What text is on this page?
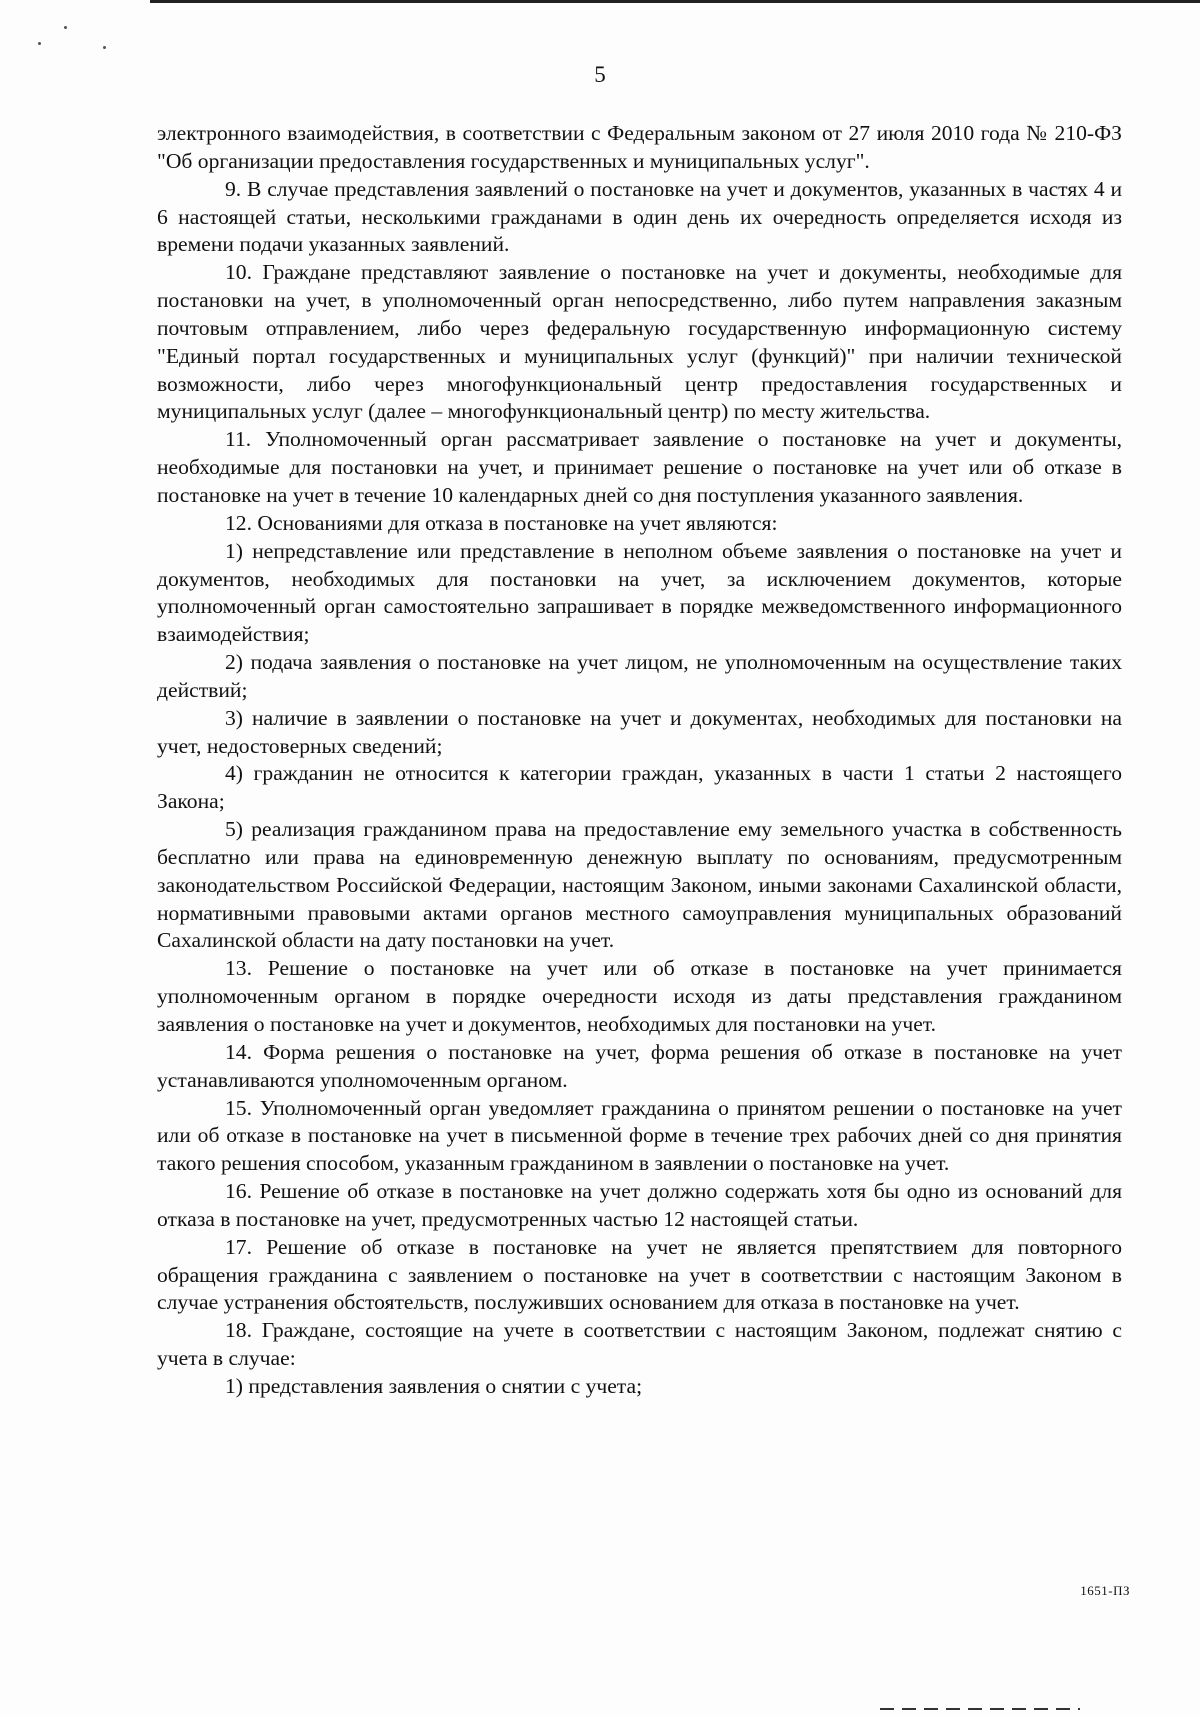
5

электронного взаимодействия, в соответствии с Федеральным законом от 27 июля 2010 года № 210-ФЗ "Об организации предоставления государственных и муниципальных услуг".

9. В случае представления заявлений о постановке на учет и документов, указанных в частях 4 и 6 настоящей статьи, несколькими гражданами в один день их очередность определяется исходя из времени подачи указанных заявлений.

10. Граждане представляют заявление о постановке на учет и документы, необходимые для постановки на учет, в уполномоченный орган непосредственно, либо путем направления заказным почтовым отправлением, либо через федеральную государственную информационную систему "Единый портал государственных и муниципальных услуг (функций)" при наличии технической возможности, либо через многофункциональный центр предоставления государственных и муниципальных услуг (далее – многофункциональный центр) по месту жительства.

11. Уполномоченный орган рассматривает заявление о постановке на учет и документы, необходимые для постановки на учет, и принимает решение о постановке на учет или об отказе в постановке на учет в течение 10 календарных дней со дня поступления указанного заявления.

12. Основаниями для отказа в постановке на учет являются:

1) непредставление или представление в неполном объеме заявления о постановке на учет и документов, необходимых для постановки на учет, за исключением документов, которые уполномоченный орган самостоятельно запрашивает в порядке межведомственного информационного взаимодействия;

2) подача заявления о постановке на учет лицом, не уполномоченным на осуществление таких действий;

3) наличие в заявлении о постановке на учет и документах, необходимых для постановки на учет, недостоверных сведений;

4) гражданин не относится к категории граждан, указанных в части 1 статьи 2 настоящего Закона;

5) реализация гражданином права на предоставление ему земельного участка в собственность бесплатно или права на единовременную денежную выплату по основаниям, предусмотренным законодательством Российской Федерации, настоящим Законом, иными законами Сахалинской области, нормативными правовыми актами органов местного самоуправления муниципальных образований Сахалинской области на дату постановки на учет.

13. Решение о постановке на учет или об отказе в постановке на учет принимается уполномоченным органом в порядке очередности исходя из даты представления гражданином заявления о постановке на учет и документов, необходимых для постановки на учет.

14. Форма решения о постановке на учет, форма решения об отказе в постановке на учет устанавливаются уполномоченным органом.

15. Уполномоченный орган уведомляет гражданина о принятом решении о постановке на учет или об отказе в постановке на учет в письменной форме в течение трех рабочих дней со дня принятия такого решения способом, указанным гражданином в заявлении о постановке на учет.

16. Решение об отказе в постановке на учет должно содержать хотя бы одно из оснований для отказа в постановке на учет, предусмотренных частью 12 настоящей статьи.

17. Решение об отказе в постановке на учет не является препятствием для повторного обращения гражданина с заявлением о постановке на учет в соответствии с настоящим Законом в случае устранения обстоятельств, послуживших основанием для отказа в постановке на учет.

18. Граждане, состоящие на учете в соответствии с настоящим Законом, подлежат снятию с учета в случае:

1) представления заявления о снятии с учета;

1651-ПЗ
